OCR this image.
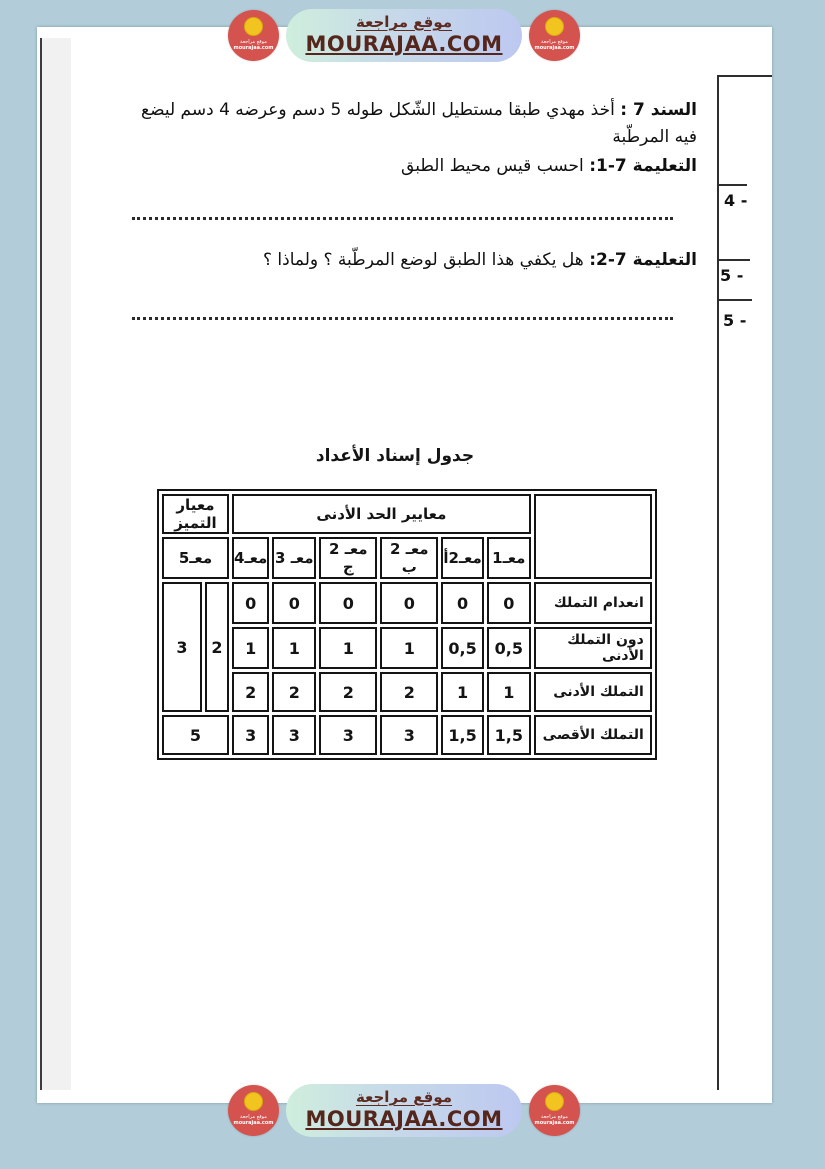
4 -
5 -
5 -
السند 7 : أخذ مهدي طبقا مستطيل الشّكل طوله 5 دسم وعرضه 4 دسم ليضع فيه المرطّبة
التعليمة 7-1: احسب قيس محيط الطبق
التعليمة 7-2: هل يكفي هذا الطبق لوضع المرطّبة ؟ ولماذا ؟
جدول إسناد الأعداد
	معايير الحد الأدنى						معيار التميز	
	معـ1	معـ2أ	معـ 2 ب	معـ 2 ج	معـ 3	معـ4	معـ5	
انعدام التملك	0	0	0	0	0	0	2	3
دون التملك الأدنى	0,5	0,5	1	1	1	1		
التملك الأدنى	1	1	2	2	2	2		
التملك الأقصى	1,5	1,5	3	3	3	3	5	
موقع مراجعة
mourajaa.com
موقع مراجعة
MOURAJAA.COM	موقع مراجعة
mourajaa.com
موقع مراجعة
mourajaa.com
موقع مراجعة
MOURAJAA.COM	موقع مراجعة
mourajaa.com
